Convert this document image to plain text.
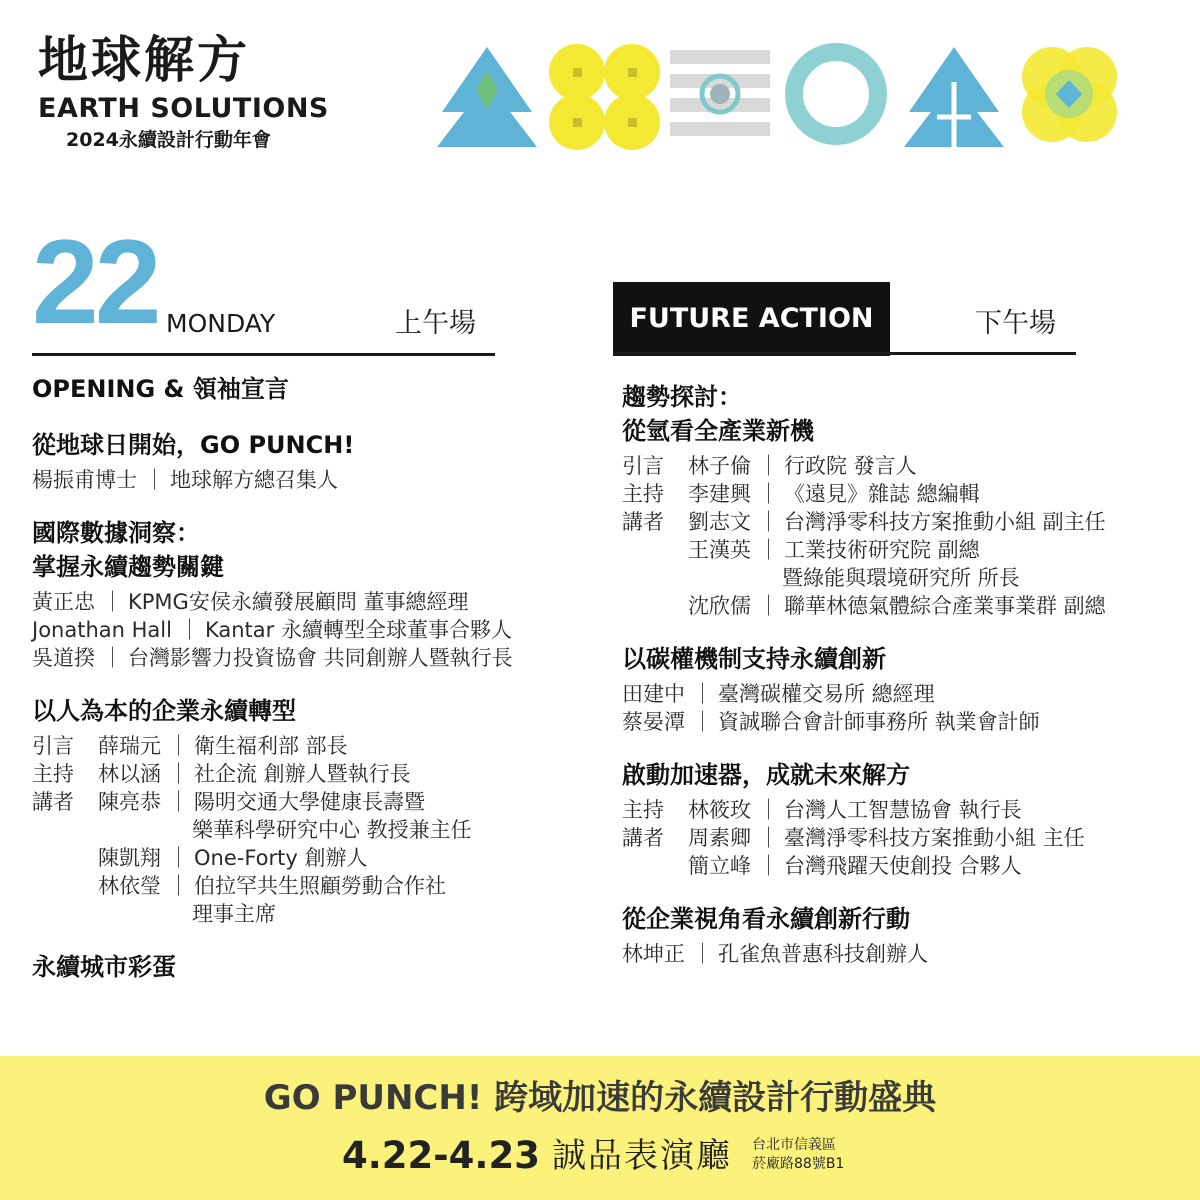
地球解方
EARTH SOLUTIONS
2024永續設計行動年會
22 MONDAY	上午場	FUTURE ACTION	下午場
OPENING & 領袖宣言
從地球日開始，GO PUNCH!
楊振甫博士 ｜ 地球解方總召集人
國際數據洞察：
掌握永續趨勢關鍵
黃正忠 ｜ KPMG安侯永續發展顧問 董事總經理
Jonathan Hall ｜ Kantar 永續轉型全球董事合夥人
吳道揆 ｜ 台灣影響力投資協會 共同創辦人暨執行長
以人為本的企業永續轉型
引言	薛瑞元 ｜ 衛生福利部 部長
主持	林以涵 ｜ 社企流 創辦人暨執行長
講者	陳亮恭 ｜ 陽明交通大學健康長壽暨
樂華科學研究中心 教授兼主任
陳凱翔 ｜ One-Forty 創辦人
林依瑩 ｜ 伯拉罕共生照顧勞動合作社
理事主席
永續城市彩蛋
趨勢探討：
從氫看全產業新機
引言	林子倫 ｜ 行政院 發言人
主持	李建興 ｜ 《遠見》雜誌 總編輯
講者	劉志文 ｜ 台灣淨零科技方案推動小組 副主任
王漢英 ｜ 工業技術研究院 副總
暨綠能與環境研究所 所長
沈欣儒 ｜ 聯華林德氣體綜合產業事業群 副總
以碳權機制支持永續創新
田建中 ｜ 臺灣碳權交易所 總經理
蔡晏潭 ｜ 資誠聯合會計師事務所 執業會計師
啟動加速器，成就未來解方
主持	林筱玫 ｜ 台灣人工智慧協會 執行長
講者	周素卿 ｜ 臺灣淨零科技方案推動小組 主任
簡立峰 ｜ 台灣飛躍天使創投 合夥人
從企業視角看永續創新行動
林坤正 ｜ 孔雀魚普惠科技創辦人
GO PUNCH! 跨域加速的永續設計行動盛典
4.22-4.23 誠品表演廳 台北市信義區
菸廠路88號B1
